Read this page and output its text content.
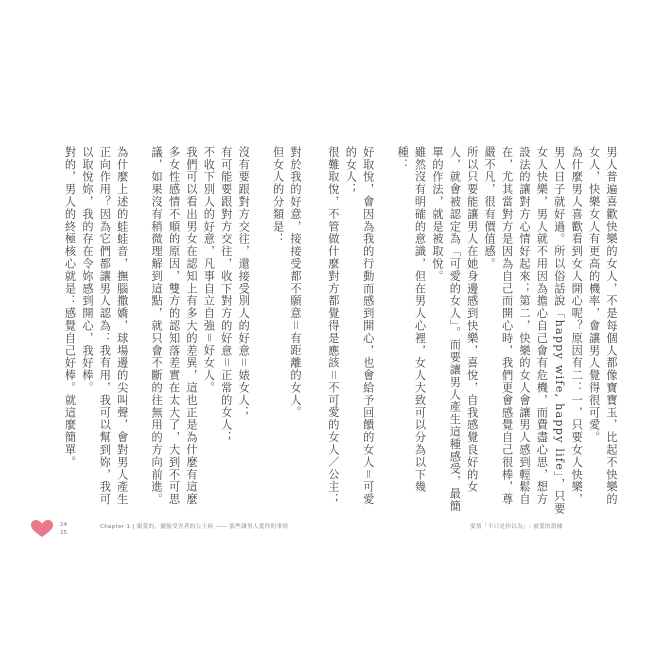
對於我的好意，接接受都不願意＝有距離的女人。

但女人的分類是：

沒有要跟對方交往，還接受別人的好意＝婊女人；

有可能要跟對方交往，收下對方的好意＝正常的女人；

不收下別人的好意，凡事自立自強＝好女人。

我們可以看出男女在認知上有多大的差異，這也正是為什麼有這麼多女性感情不順的原因，雙方的認知落差實在太大了，大到不可思議，如果沒有稍微理解到這點，就只會不斷的往無用的方向前進。

為什麼上述的蛙蛙音，撫腦撒嬌，球場邊的尖叫聲，會對男人產生正向作用？因為它們都讓男人認為：我有用，我可以幫到妳，我可以取悅妳，我的存在令妳感到開心，我好棒。

對的，男人的終極核心就是：感覺自己好棒。就這麼簡單。	男人普遍喜歡快樂的女人，不是每個人都像寶寶玉，比起不快樂的女人，快樂女人有更高的機率，會讓男人覺得很可愛。

為什麼男人喜歡看到女人開心呢？原因有二：一，只要女人快樂，男人日子就好過。所以俗話說「happy wife, happy life」，只要女人快樂，男人就不用因為擔心自己會有危機，而費盡心思，想方設法的讓對方心情好起來；第二，快樂的女人會讓男人感到輕鬆自在，尤其當對方是因為自己而開心時，我們更會感覺自己很棒，尊嚴不凡，很有價值感。

所以只要能讓男人在她身邊感到快樂，喜悅，自我感覺良好的女人，就會被認定為「可愛的女人」。而要讓男人產生這種感受，最簡單的作法，就是被取悅。

雖然沒有明確的意識，但在男人心裡，女人大致可以分為以下幾種：

好取悅，會因為我的行動而感到開心，也會給予回饋的女人＝可愛的女人；

很難取悅，不管做什麼對方都覺得是應該＝不可愛的女人／公主；

24
25
Chapter 1 | 親愛的，擺脫受害者的公主病 —— 那些讓男人愛你的事情	愛情「不只是你以為」: 被愛的證據
